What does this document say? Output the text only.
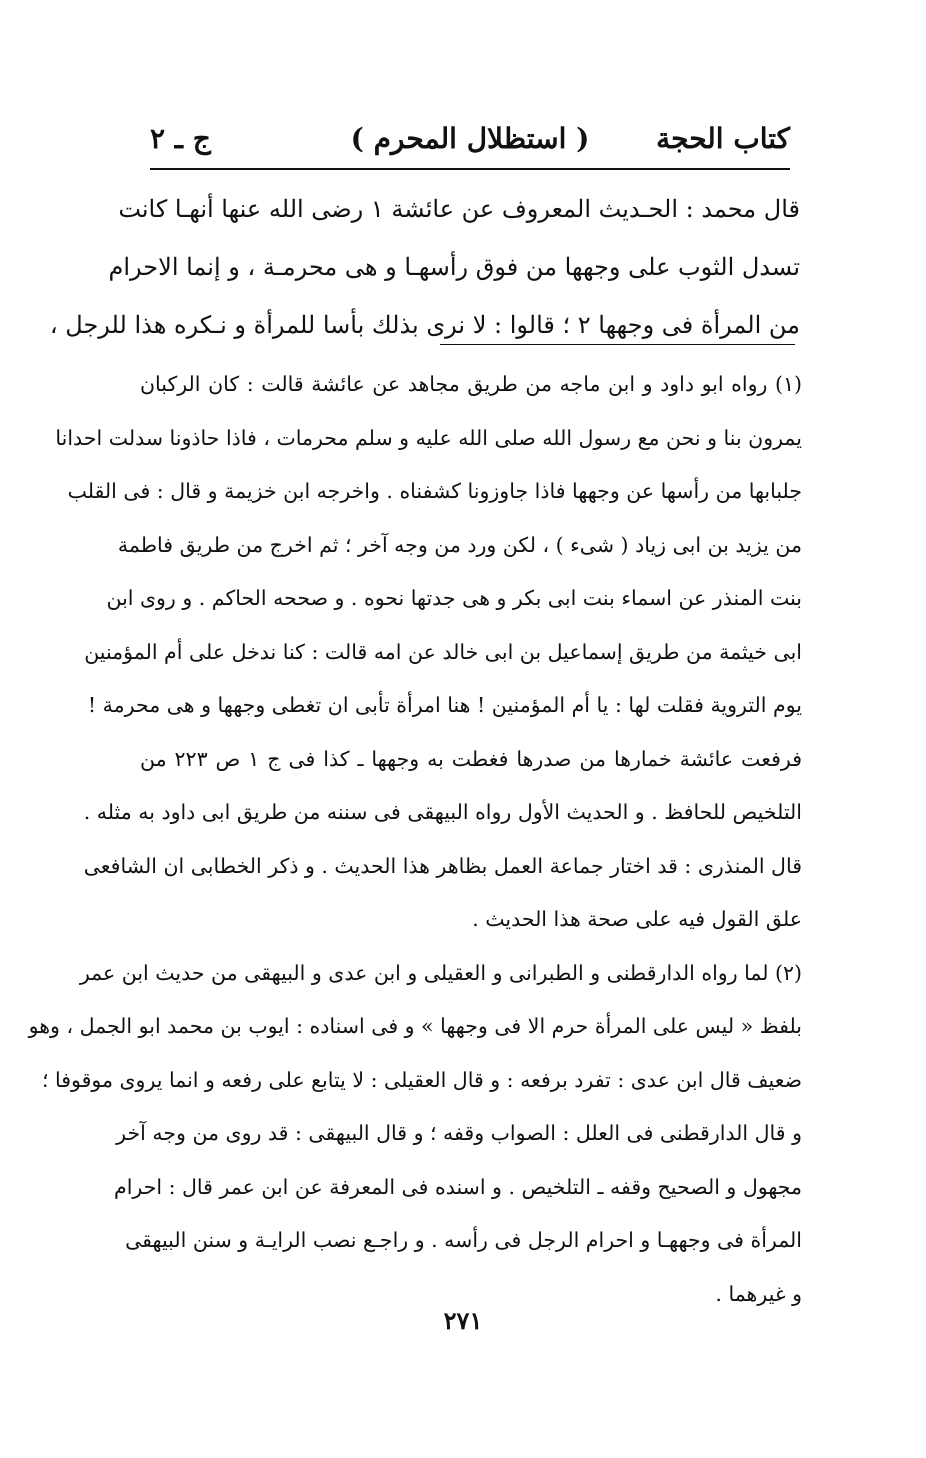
كتاب الحجة
( استظلال المحرم )
ج ـ ٢
قال محمد : الحـديث المعروف عن عائشة ١ رضى الله عنها أنهـا كانت
تسدل الثوب على وجهها من فوق رأسهـا و هى محرمـة ، و إنما الاحرام
من المرأة فى وجهها ٢ ؛ قالوا : لا نرى بذلك بأسا للمرأة و نـكره هذا للرجل ،
(١) رواه ابو داود و ابن ماجه من طريق مجاهد عن عائشة قالت : كان الركبان
يمرون بنا و نحن مع رسول الله صلى الله عليه و سلم محرمات ، فاذا حاذونا سدلت احدانا
جلبابها من رأسها عن وجهها فاذا جاوزونا كشفناه . واخرجه ابن خزيمة و قال : فى القلب
من يزيد بن ابى زياد ( شىء ) ، لكن ورد من وجه آخر ؛ ثم اخرج من طريق فاطمة
بنت المنذر عن اسماء بنت ابى بكر و هى جدتها نحوه . و صححه الحاكم . و روى ابن
ابى خيثمة من طريق إسماعيل بن ابى خالد عن امه قالت : كنا ندخل على أم المؤمنين
يوم التروية فقلت لها : يا أم المؤمنين ! هنا امرأة تأبى ان تغطى وجهها و هى محرمة !
فرفعت عائشة خمارها من صدرها فغطت به وجهها ـ كذا فى ج ١ ص ٢٢٣ من
التلخيص للحافظ . و الحديث الأول رواه البيهقى فى سننه من طريق ابى داود به مثله .
قال المنذرى : قد اختار جماعة العمل بظاهر هذا الحديث . و ذكر الخطابى ان الشافعى
علق القول فيه على صحة هذا الحديث .
(٢) لما رواه الدارقطنى و الطبرانى و العقيلى و ابن عدى و البيهقى من حديث ابن عمر
بلفظ « ليس على المرأة حرم الا فى وجهها » و فى اسناده : ايوب بن محمد ابو الجمل ، وهو
ضعيف قال ابن عدى : تفرد برفعه : و قال العقيلى : لا يتابع على رفعه و انما يروى موقوفا ؛
و قال الدارقطنى فى العلل : الصواب وقفه ؛ و قال البيهقى : قد روى من وجه آخر
مجهول و الصحيح وقفه ـ التلخيص . و اسنده فى المعرفة عن ابن عمر قال : احرام
المرأة فى وجههـا و احرام الرجل فى رأسه . و راجـع نصب الرايـة و سنن البيهقى
و غيرهما .
٢٧١
